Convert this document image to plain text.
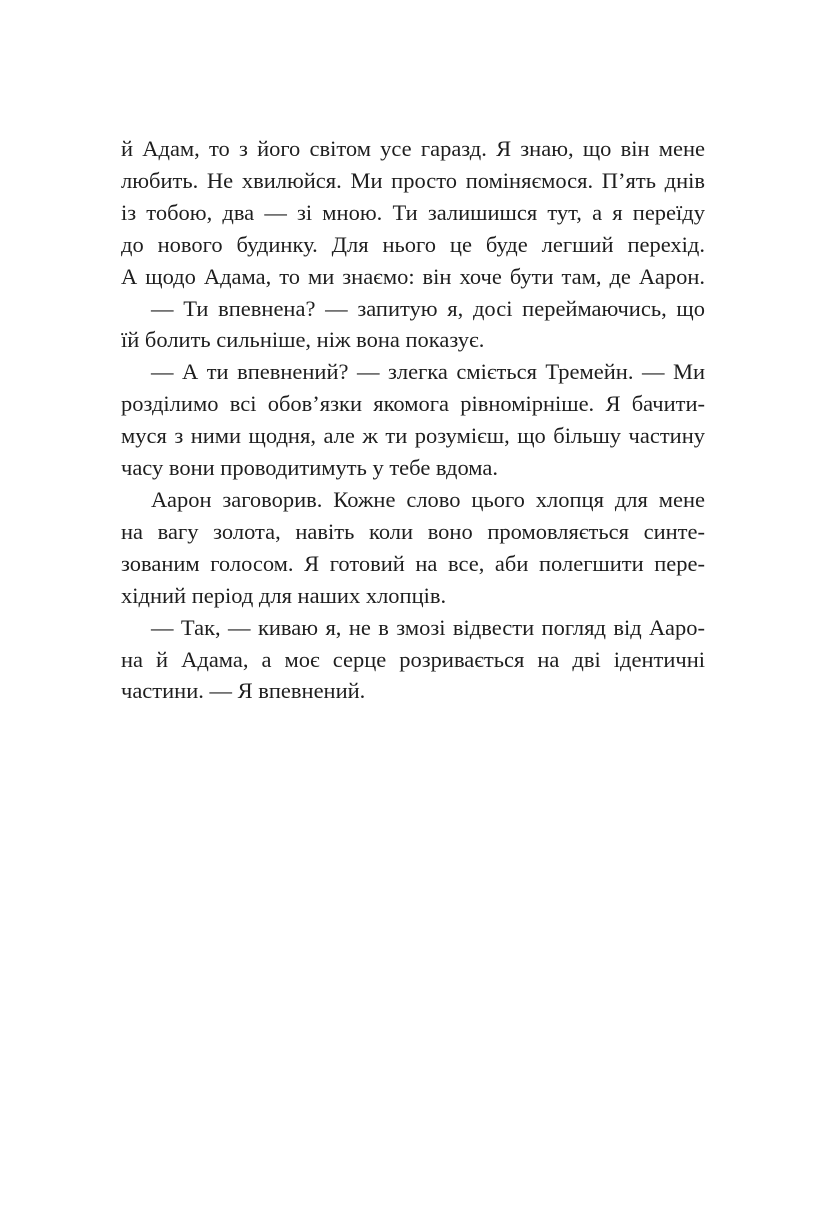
й Адам, то з його світом усе гаразд. Я знаю, що він мене
любить. Не хвилюйся. Ми просто поміняємося. П’ять днів
із тобою, два — зі мною. Ти залишишся тут, а я переїду
до нового будинку. Для нього це буде легший перехід.
А щодо Адама, то ми знаємо: він хоче бути там, де Аарон.
— Ти впевнена? — запитую я, досі переймаючись, що
їй болить сильніше, ніж вона показує.
— А ти впевнений? — злегка сміється Тремейн. — Ми
розділимо всі обов’язки якомога рівномірніше. Я бачити-
муся з ними щодня, але ж ти розумієш, що більшу частину
часу вони проводитимуть у тебе вдома.
Аарон заговорив. Кожне слово цього хлопця для мене
на вагу золота, навіть коли воно промовляється синте-
зованим голосом. Я готовий на все, аби полегшити пере-
хідний період для наших хлопців.
— Так, — киваю я, не в змозі відвести погляд від Ааро-
на й Адама, а моє серце розривається на дві ідентичні
частини. — Я впевнений.
